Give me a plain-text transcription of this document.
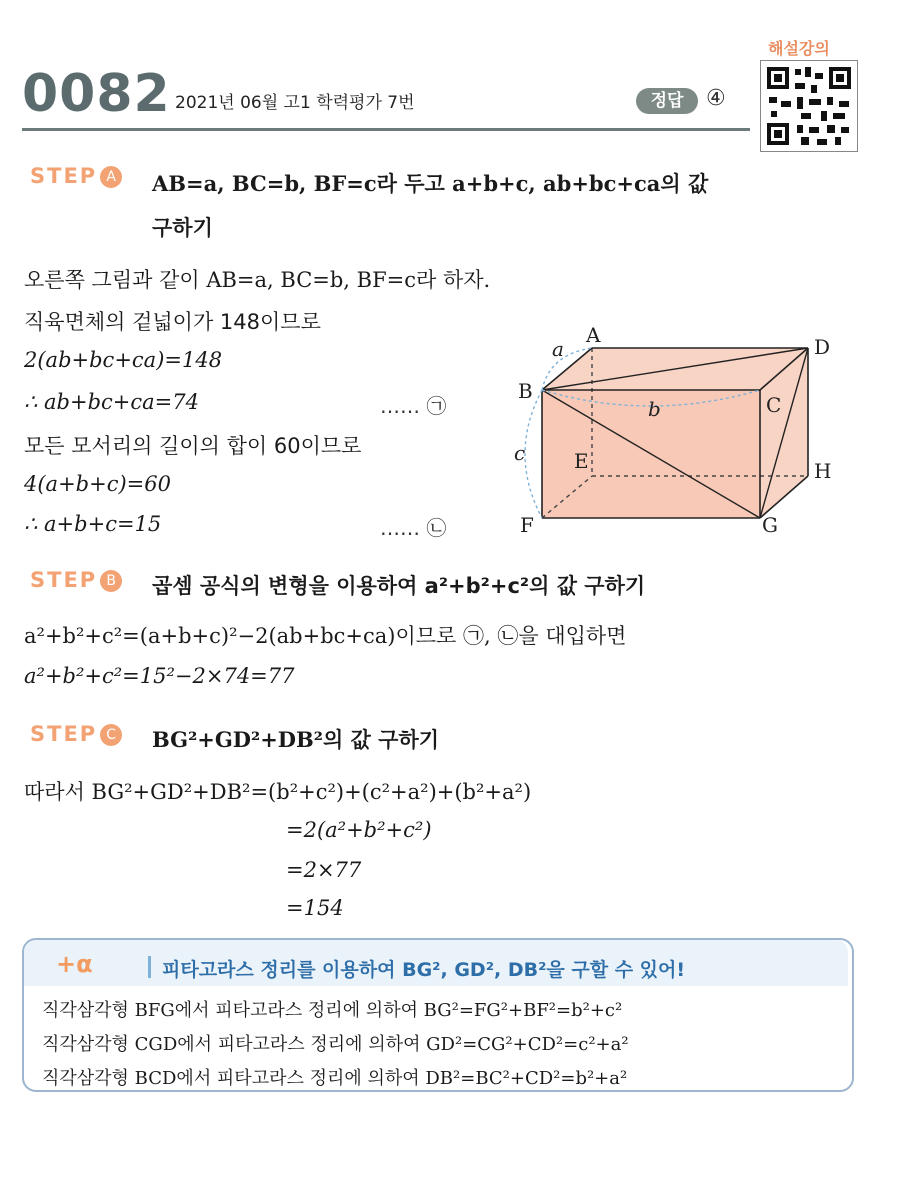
0082 2021년 06월 고1 학력평가 7번	정답	④
해설강의
STEP A AB=a, BC=b, BF=c라 두고 a+b+c, ab+bc+ca의 값
구하기
오른쪽 그림과 같이 AB=a, BC=b, BF=c라 하자.
직육면체의 겉넓이가 148이므로
2(ab+bc+ca)=148
∴ ab+bc+ca=74	…… ㉠
모든 모서리의 길이의 합이 60이므로
4(a+b+c)=60
∴ a+b+c=15	…… ㉡
A
B
C
D
E
F	G
H
a
b
c
STEP B 곱셈 공식의 변형을 이용하여 a²+b²+c²의 값 구하기
a²+b²+c²=(a+b+c)²−2(ab+bc+ca)이므로 ㉠, ㉡을 대입하면
a²+b²+c²=15²−2×74=77
STEP C BG²+GD²+DB²의 값 구하기
따라서 BG²+GD²+DB²=(b²+c²)+(c²+a²)+(b²+a²)
=2(a²+b²+c²)
=2×77
=154
+α	피타고라스 정리를 이용하여 BG², GD², DB²을 구할 수 있어!
직각삼각형 BFG에서 피타고라스 정리에 의하여 BG²=FG²+BF²=b²+c²
직각삼각형 CGD에서 피타고라스 정리에 의하여 GD²=CG²+CD²=c²+a²
직각삼각형 BCD에서 피타고라스 정리에 의하여 DB²=BC²+CD²=b²+a²
